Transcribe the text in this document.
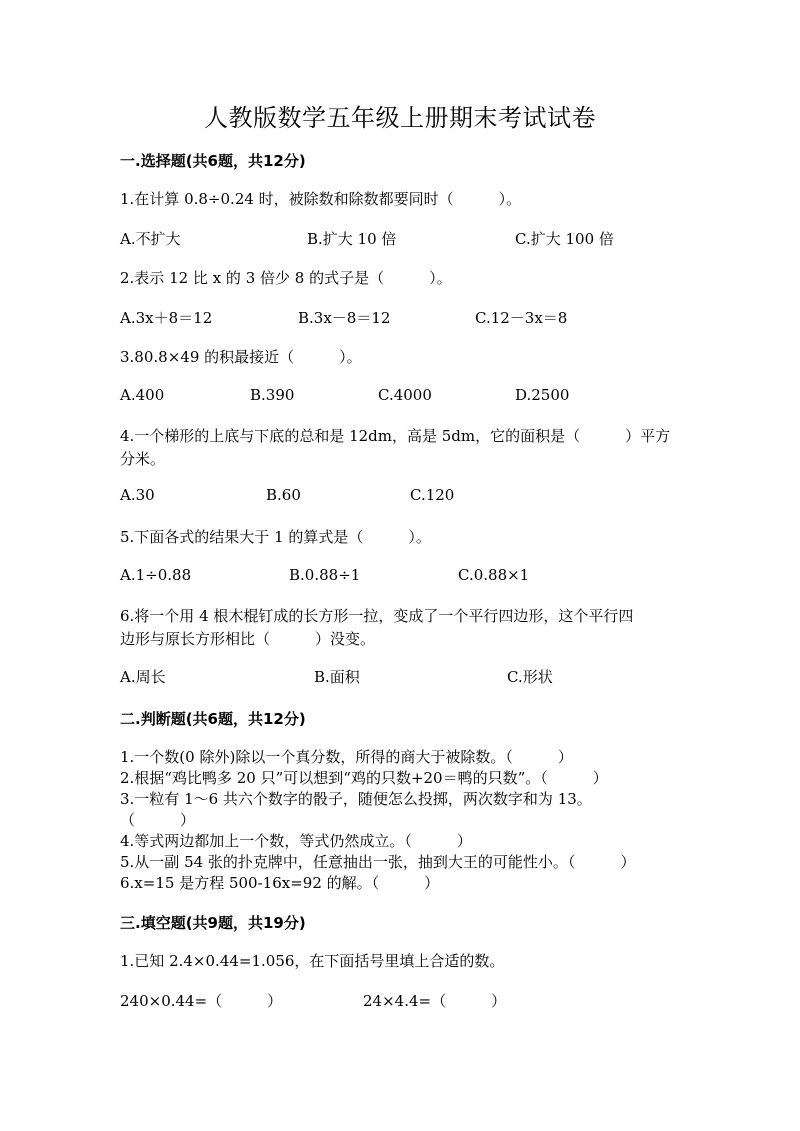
人教版数学五年级上册期末考试试卷
一.选择题(共6题，共12分)
1.在计算 0.8÷0.24 时，被除数和除数都要同时（　　　）。
A.不扩大	B.扩大 10 倍	C.扩大 100 倍
2.表示 12 比 x 的 3 倍少 8 的式子是（　　　）。
A.3x＋8＝12	B.3x－8＝12	C.12－3x＝8
3.80.8×49 的积最接近（　　　）。
A.400	B.390	C.4000	D.2500
4.一个梯形的上底与下底的总和是 12dm，高是 5dm，它的面积是（　　　）平方
分米。
A.30	B.60	C.120
5.下面各式的结果大于 1 的算式是（　　　）。
A.1÷0.88	B.0.88÷1	C.0.88×1
6.将一个用 4 根木棍钉成的长方形一拉，变成了一个平行四边形，这个平行四
边形与原长方形相比（　　　）没变。
A.周长	B.面积	C.形状
二.判断题(共6题，共12分)
1.一个数(0 除外)除以一个真分数，所得的商大于被除数。（　　　）
2.根据“鸡比鸭多 20 只”可以想到“鸡的只数+20＝鸭的只数”。（　　　）
3.一粒有 1～6 共六个数字的骰子，随便怎么投掷，两次数字和为 13。
（　　　）
4.等式两边都加上一个数，等式仍然成立。（　　　）
5.从一副 54 张的扑克牌中，任意抽出一张，抽到大王的可能性小。（　　　）
6.x=15 是方程 500-16x=92 的解。（　　　）
三.填空题(共9题，共19分)
1.已知 2.4×0.44=1.056，在下面括号里填上合适的数。
240×0.44=（　　　）	24×4.4=（　　　）
